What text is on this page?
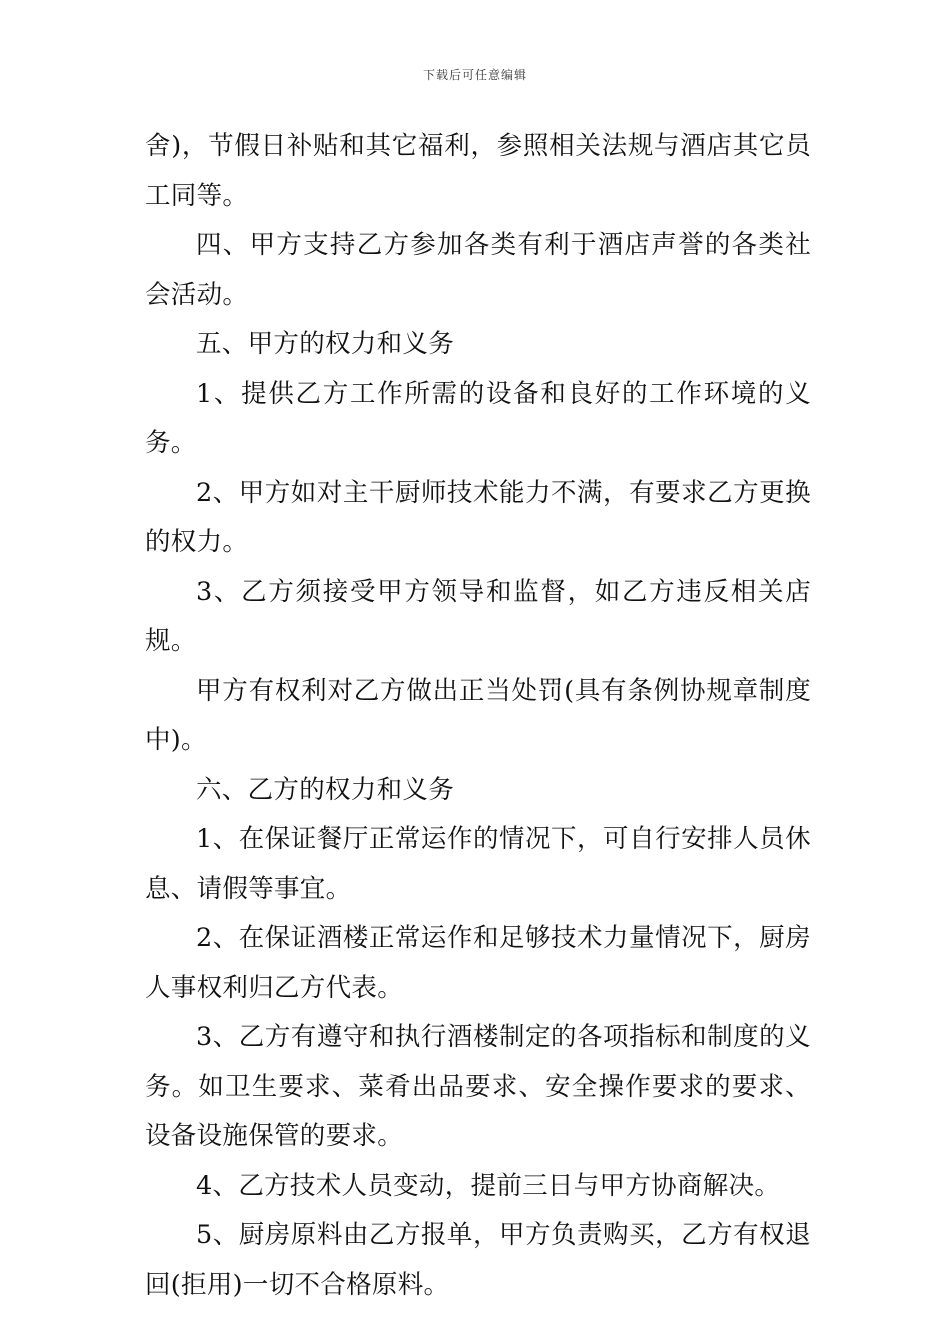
下载后可任意编辑

舍)，节假日补贴和其它福利，参照相关法规与酒店其它员工同等。

四、甲方支持乙方参加各类有利于酒店声誉的各类社会活动。

五、甲方的权力和义务

1、提供乙方工作所需的设备和良好的工作环境的义务。

2、甲方如对主干厨师技术能力不满，有要求乙方更换的权力。

3、乙方须接受甲方领导和监督，如乙方违反相关店规。

甲方有权利对乙方做出正当处罚(具有条例协规章制度中)。

六、乙方的权力和义务

1、在保证餐厅正常运作的情况下，可自行安排人员休息、请假等事宜。

2、在保证酒楼正常运作和足够技术力量情况下，厨房人事权利归乙方代表。

3、乙方有遵守和执行酒楼制定的各项指标和制度的义务。如卫生要求、菜肴出品要求、安全操作要求的要求、设备设施保管的要求。

4、乙方技术人员变动，提前三日与甲方协商解决。

5、厨房原料由乙方报单，甲方负责购买，乙方有权退回(拒用)一切不合格原料。
